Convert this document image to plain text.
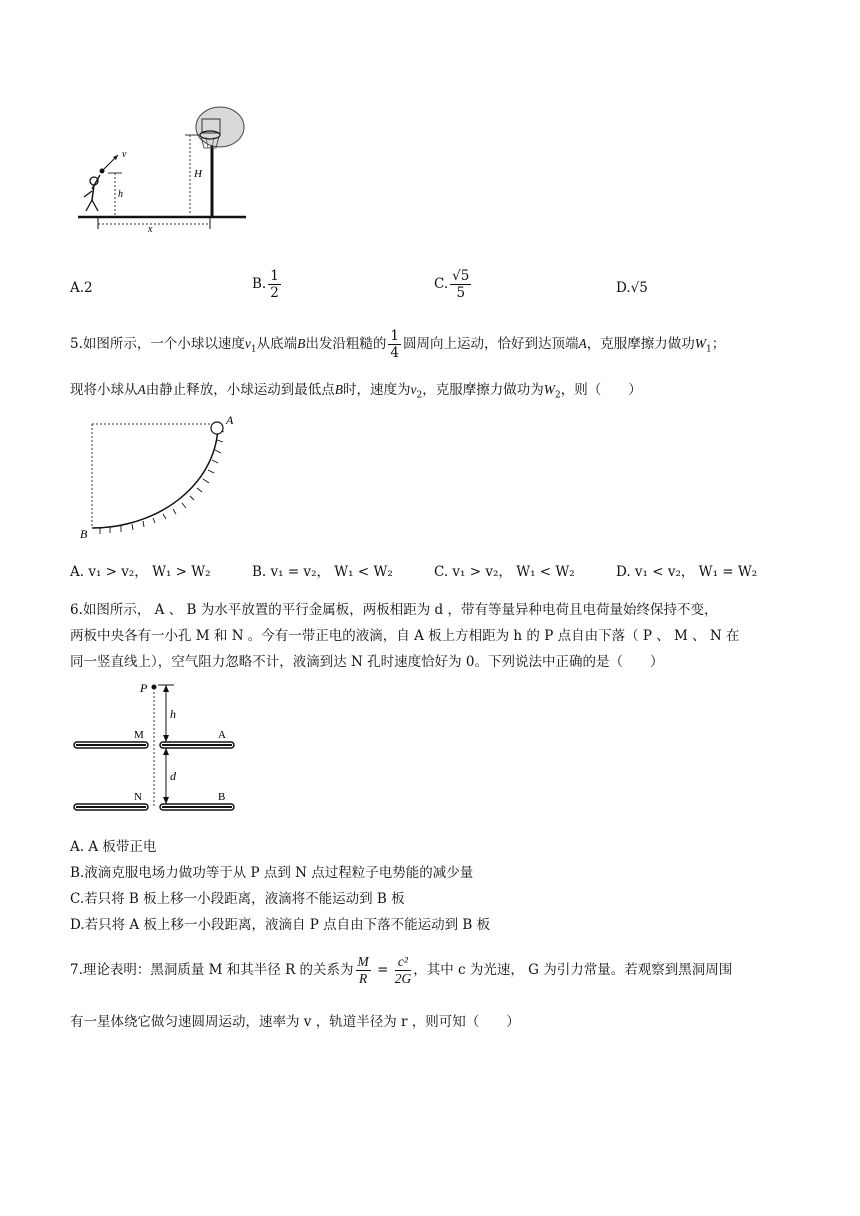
H
v
h
x
A.2	B. $\frac{1}{2}$	C. $\frac{√5}{5}$	D.√5
5.如图所示，一个小球以速度$v_1$从底端B出发沿粗糙的 $\frac{1}{4}$ 圆周向上运动，恰好到达顶端A，克服摩擦力做功$W_1$；
现将小球从A由静止释放，小球运动到最低点B时，速度为$v_2$，克服摩擦力做功为$W_2$，则（　　）
A
B
A. v₁ > v₂， W₁ > W₂	B. v₁ = v₂， W₁ < W₂	C. v₁ > v₂， W₁ < W₂	D. v₁ < v₂， W₁ = W₂
6.如图所示， A 、 B 为水平放置的平行金属板，两板相距为 d ，带有等量异种电荷且电荷量始终保持不变，
两板中央各有一小孔 M 和 N 。今有一带正电的液滴，自 A 板上方相距为 h 的 P 点自由下落（ P 、 M 、 N 在
同一竖直线上），空气阻力忽略不计，液滴到达 N 孔时速度恰好为 0。下列说法中正确的是（　　）
P
h
M	A
d
N	B
A. A 板带正电
B.液滴克服电场力做功等于从 P 点到 N 点过程粒子电势能的减少量
C.若只将 B 板上移一小段距离，液滴将不能运动到 B 板
D.若只将 A 板上移一小段距离，液滴自 P 点自由下落不能运动到 B 板
7.理论表明：黑洞质量 M 和其半径 R 的关系为 $\frac{M}{R} = \frac{\text{c²}}{2G}$ ，其中 c 为光速， G 为引力常量。若观察到黑洞周围
有一星体绕它做匀速圆周运动，速率为 v ，轨道半径为 r ，则可知（　　）
